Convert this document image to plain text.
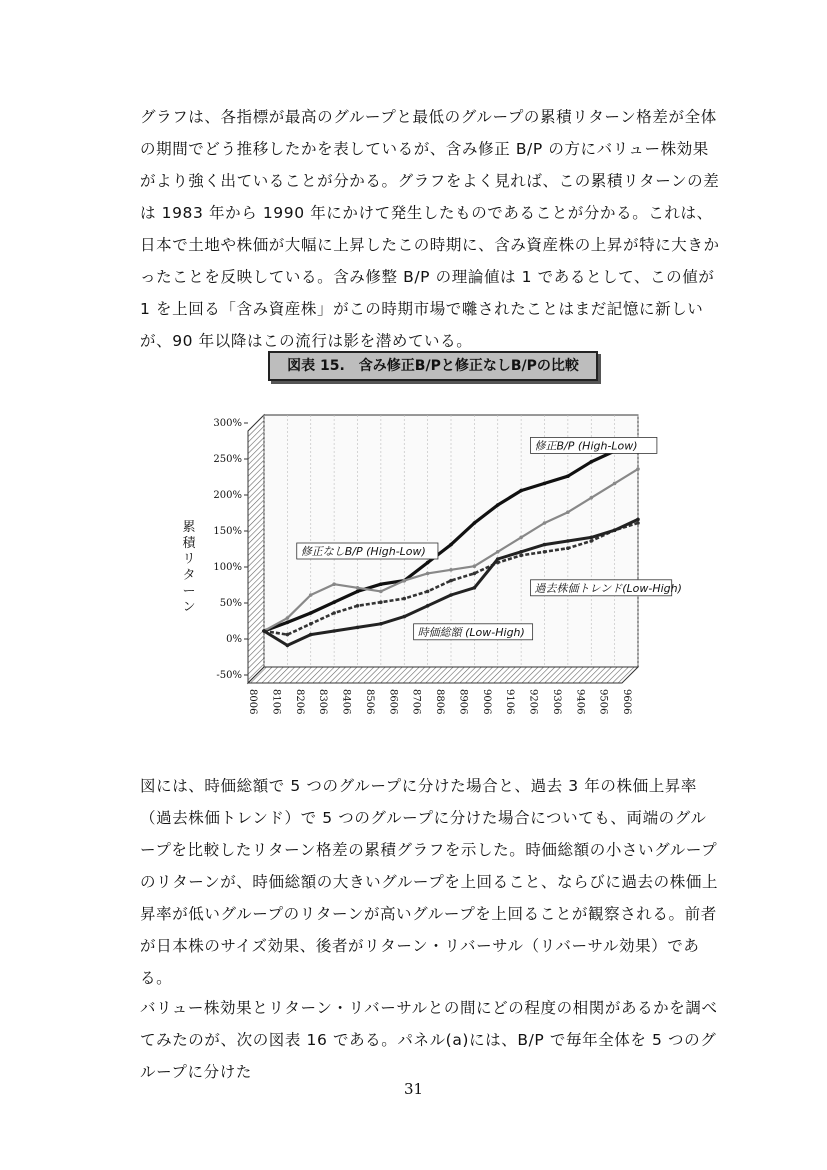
グラフは、各指標が最高のグループと最低のグループの累積リターン格差が全体の期間でどう推移したかを表しているが、含み修正 B/P の方にバリュー株効果がより強く出ていることが分かる。グラフをよく見れば、この累積リターンの差は 1983 年から 1990 年にかけて発生したものであることが分かる。これは、日本で土地や株価が大幅に上昇したこの時期に、含み資産株の上昇が特に大きかったことを反映している。含み修整 B/P の理論値は 1 であるとして、この値が 1 を上回る「含み資産株」がこの時期市場で囃されたことはまだ記憶に新しいが、90 年以降はこの流行は影を潜めている。

図表 15.　含み修正B/Pと修正なしB/Pの比較
累積リターン
300%
250%
200%
150%
100%
50%
0%
-50%
8006 8106 8206 8306 8406 8506 8606 8706 8806 8906 9006 9106 9206 9306 9406 9506 9606
修正B/P (High-Low)
修正なしB/P (High-Low)
過去株価トレンド(Low-High)
時価総額 (Low-High)

図には、時価総額で 5 つのグループに分けた場合と、過去 3 年の株価上昇率（過去株価トレンド）で 5 つのグループに分けた場合についても、両端のグループを比較したリターン格差の累積グラフを示した。時価総額の小さいグループのリターンが、時価総額の大きいグループを上回ること、ならびに過去の株価上昇率が低いグループのリターンが高いグループを上回ることが観察される。前者が日本株のサイズ効果、後者がリターン・リバーサル（リバーサル効果）である。

バリュー株効果とリターン・リバーサルとの間にどの程度の相関があるかを調べてみたのが、次の図表 16 である。パネル(a)には、B/P で毎年全体を 5 つのグループに分けた

31
